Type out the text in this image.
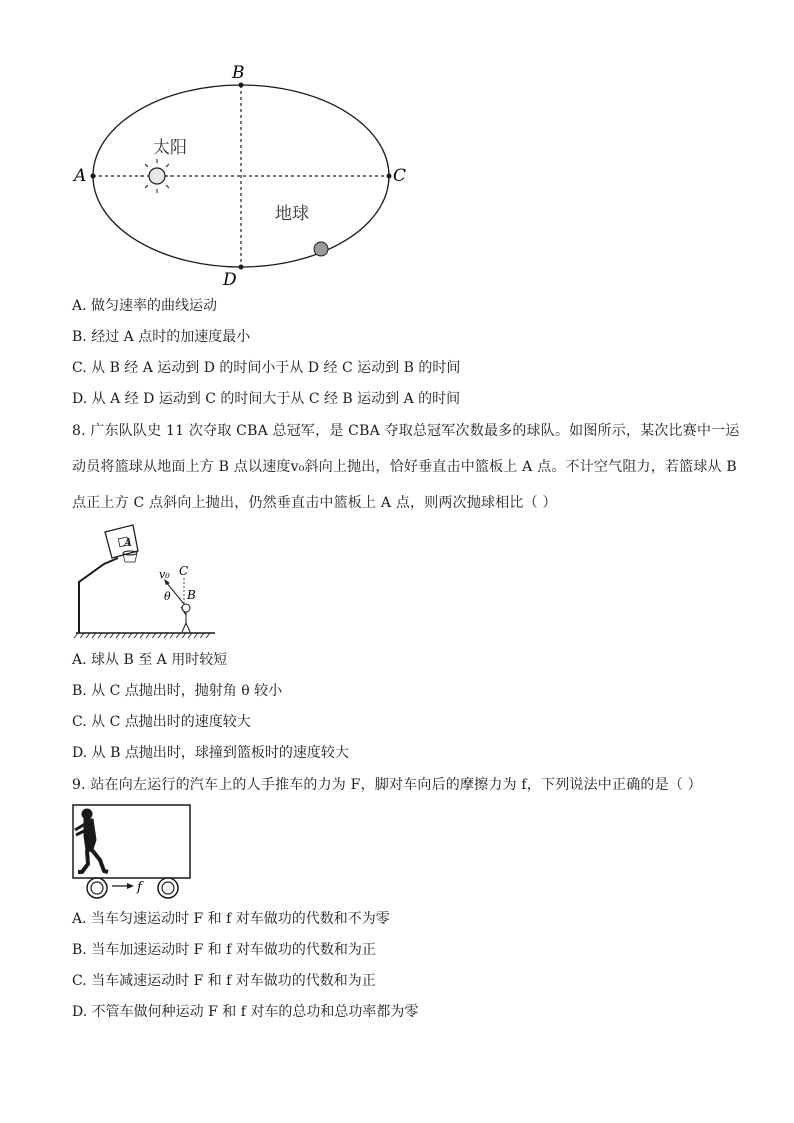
A
B
C
D
太阳
地球
A. 做匀速率的曲线运动
B. 经过 A 点时的加速度最小
C. 从 B 经 A 运动到 D 的时间小于从 D 经 C 运动到 B 的时间
D. 从 A 经 D 运动到 C 的时间大于从 C 经 B 运动到 A 的时间
8. 广东队队史 11 次夺取 CBA 总冠军，是 CBA 夺取总冠军次数最多的球队。如图所示，某次比赛中一运
动员将篮球从地面上方 B 点以速度v₀斜向上抛出，恰好垂直击中篮板上 A 点。不计空气阻力，若篮球从 B
点正上方 C 点斜向上抛出，仍然垂直击中篮板上 A 点，则两次抛球相比（ ）
A
C
v₀
θ B
A. 球从 B 至 A 用时较短
B. 从 C 点抛出时，抛射角 θ 较小
C. 从 C 点抛出时的速度较大
D. 从 B 点抛出时，球撞到篮板时的速度较大
9. 站在向左运行的汽车上的人手推车的力为 F，脚对车向后的摩擦力为 f，下列说法中正确的是（ ）
f
A. 当车匀速运动时 F 和 f 对车做功的代数和不为零
B. 当车加速运动时 F 和 f 对车做功的代数和为正
C. 当车减速运动时 F 和 f 对车做功的代数和为正
D. 不管车做何种运动 F 和 f 对车的总功和总功率都为零
